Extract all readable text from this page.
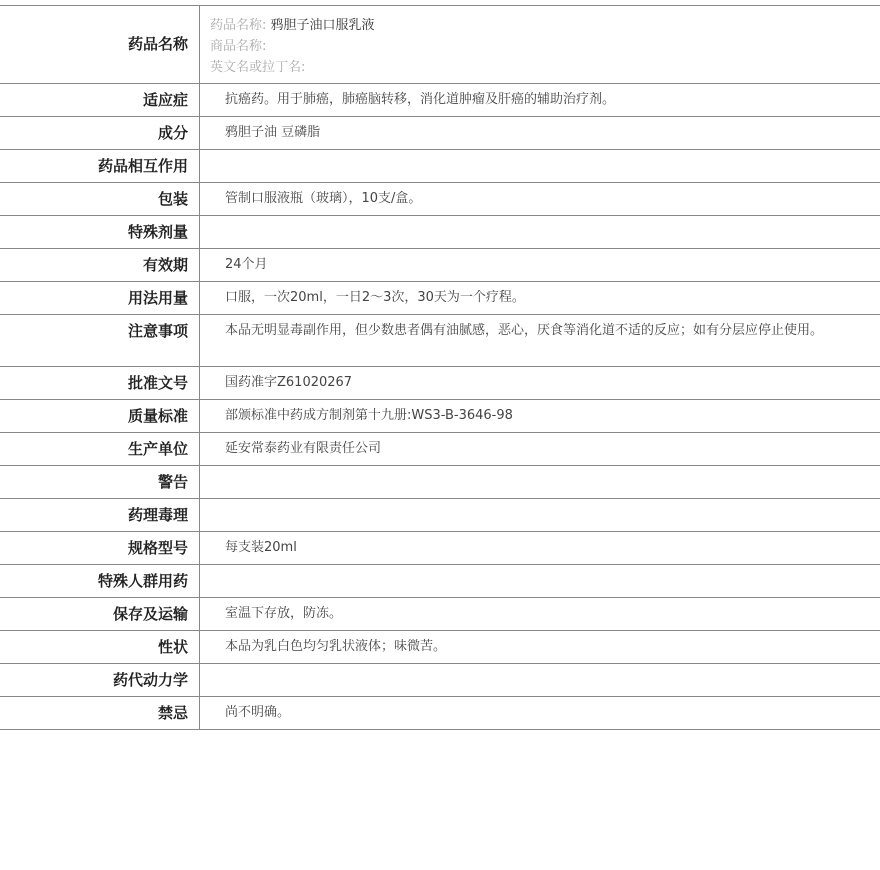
药品名称
药品名称: 鸦胆子油口服乳液
商品名称:
英文名或拉丁名:
适应症	抗癌药。用于肺癌，肺癌脑转移，消化道肿瘤及肝癌的辅助治疗剂。
成分	鸦胆子油 豆磷脂
药品相互作用
包装	管制口服液瓶（玻璃），10支/盒。
特殊剂量
有效期	24个月
用法用量	口服，一次20ml，一日2～3次，30天为一个疗程。
注意事项	本品无明显毒副作用，但少数患者偶有油腻感，恶心，厌食等消化道不适的反应；如有分层应停止使用。
批准文号	国药准字Z61020267
质量标准	部颁标准中药成方制剂第十九册:WS3-B-3646-98
生产单位	延安常泰药业有限责任公司
警告
药理毒理
规格型号	每支装20ml
特殊人群用药
保存及运输	室温下存放，防冻。
性状	本品为乳白色均匀乳状液体；味微苦。
药代动力学
禁忌	尚不明确。
